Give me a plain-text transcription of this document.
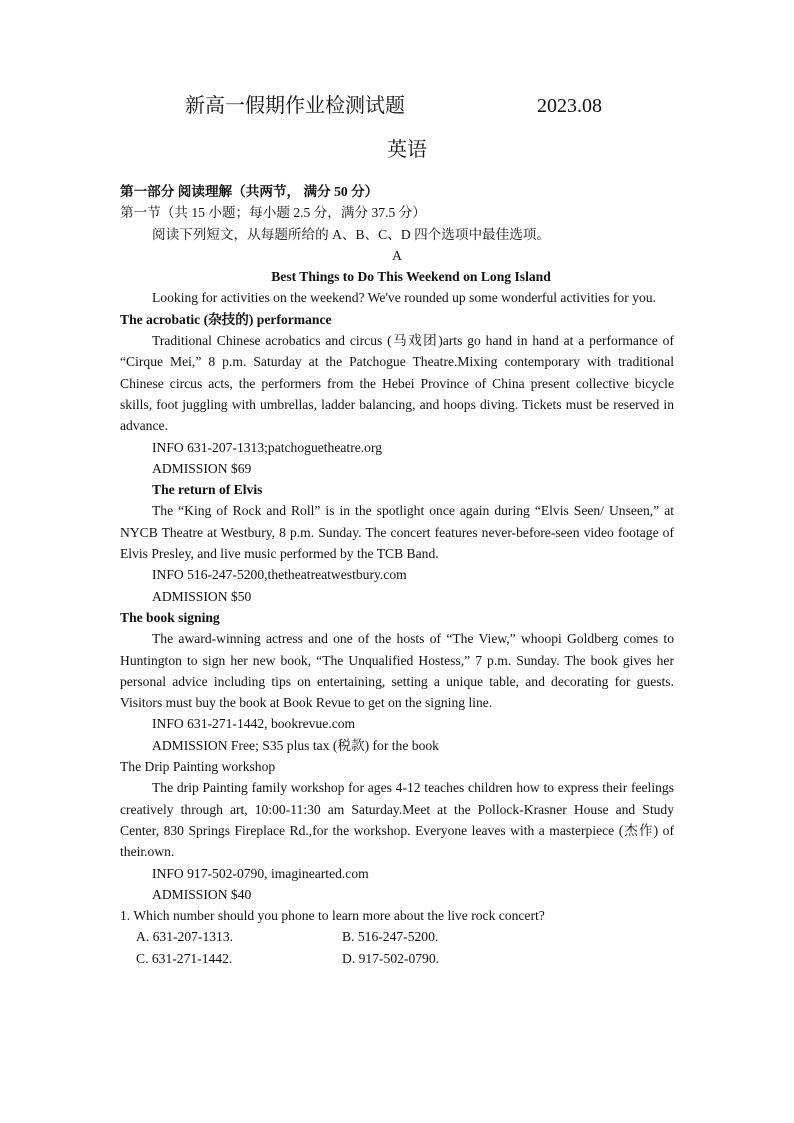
新高一假期作业检测试题	2023.08
英语

第一部分 阅读理解（共两节， 满分 50 分）

第一节（共 15 小题；每小题 2.5 分，满分 37.5 分）

阅读下列短文，从每题所给的 A、B、C、D 四个选项中最佳选项。

A

Best Things to Do This Weekend on Long Island

Looking for activities on the weekend? We've rounded up some wonderful activities for you.

The acrobatic (杂技的) performance

Traditional Chinese acrobatics and circus (马戏团)arts go hand in hand at a performance of “Cirque Mei,” 8 p.m. Saturday at the Patchogue Theatre.Mixing contemporary with traditional Chinese circus acts, the performers from the Hebei Province of China present collective bicycle skills, foot juggling with umbrellas, ladder balancing, and hoops diving. Tickets must be reserved in advance.

INFO 631-207-1313;patchoguetheatre.org

ADMISSION $69

The return of Elvis

The “King of Rock and Roll” is in the spotlight once again during “Elvis Seen/ Unseen,” at NYCB Theatre at Westbury, 8 p.m. Sunday. The concert features never-before-seen video footage of Elvis Presley, and live music performed by the TCB Band.

INFO 516-247-5200,thetheatreatwestbury.com

ADMISSION $50

The book signing

The award-winning actress and one of the hosts of “The View,” whoopi Goldberg comes to Huntington to sign her new book, “The Unqualified Hostess,” 7 p.m. Sunday. The book gives her personal advice including tips on entertaining, setting a unique table, and decorating for guests. Visitors must buy the book at Book Revue to get on the signing line.

INFO 631-271-1442, bookrevue.com

ADMISSION Free; S35 plus tax (税款) for the book

The Drip Painting workshop

The drip Painting family workshop for ages 4-12 teaches children how to express their feelings creatively through art, 10:00-11:30 am Saturday.Meet at the Pollock-Krasner House and Study Center, 830 Springs Fireplace Rd.,for the workshop. Everyone leaves with a masterpiece (杰作) of their.own.

INFO 917-502-0790, imaginearted.com

ADMISSION $40

1. Which number should you phone to learn more about the live rock concert?

A. 631-207-1313.	B. 516-247-5200.
C. 631-271-1442.	D. 917-502-0790.
